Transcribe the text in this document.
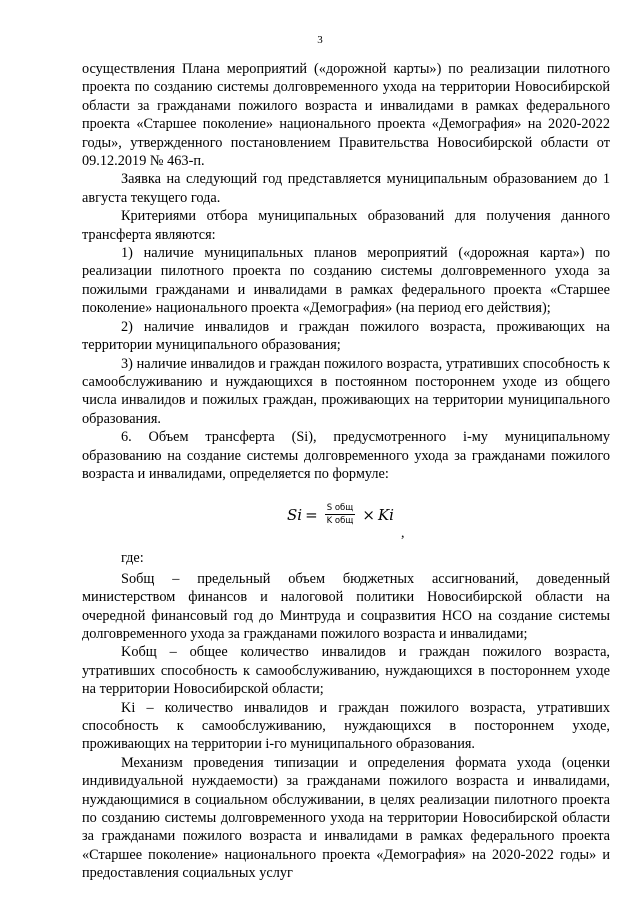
3

осуществления Плана мероприятий («дорожной карты») по реализации пилотного проекта по созданию системы долговременного ухода на территории Новосибирской области за гражданами пожилого возраста и инвалидами в рамках федерального проекта «Старшее поколение» национального проекта «Демография» на 2020-2022 годы», утвержденного постановлением Правительства Новосибирской области от 09.12.2019 № 463-п.

Заявка на следующий год представляется муниципальным образованием до 1 августа текущего года.

Критериями отбора муниципальных образований для получения данного трансферта являются:

1) наличие муниципальных планов мероприятий («дорожная карта») по реализации пилотного проекта по созданию системы долговременного ухода за пожилыми гражданами и инвалидами в рамках федерального проекта «Старшее поколение» национального проекта «Демография» (на период его действия);

2) наличие инвалидов и граждан пожилого возраста, проживающих на территории муниципального образования;

3) наличие инвалидов и граждан пожилого возраста, утративших способность к самообслуживанию и нуждающихся в постоянном постороннем уходе из общего числа инвалидов и пожилых граждан, проживающих на территории муниципального образования.

6. Объем трансферта (Si), предусмотренного i-му муниципальному образованию на создание системы долговременного ухода за гражданами пожилого возраста и инвалидами, определяется по формуле:

$Si = \frac{\text{S общ}}{\text{K общ}} \times Ki$
,

где:

Sобщ – предельный объем бюджетных ассигнований, доведенный министерством финансов и налоговой политики Новосибирской области на очередной финансовый год до Минтруда и соцразвития НСО на создание системы долговременного ухода за гражданами пожилого возраста и инвалидами;

Kобщ – общее количество инвалидов и граждан пожилого возраста, утративших способность к самообслуживанию, нуждающихся в постороннем уходе на территории Новосибирской области;

Ki – количество инвалидов и граждан пожилого возраста, утративших способность к самообслуживанию, нуждающихся в постороннем уходе, проживающих на территории i-го муниципального образования.

Механизм проведения типизации и определения формата ухода (оценки индивидуальной нуждаемости) за гражданами пожилого возраста и инвалидами, нуждающимися в социальном обслуживании, в целях реализации пилотного проекта по созданию системы долговременного ухода на территории Новосибирской области за гражданами пожилого возраста и инвалидами в рамках федерального проекта «Старшее поколение» национального проекта «Демография» на 2020-2022 годы» и предоставления социальных услуг
